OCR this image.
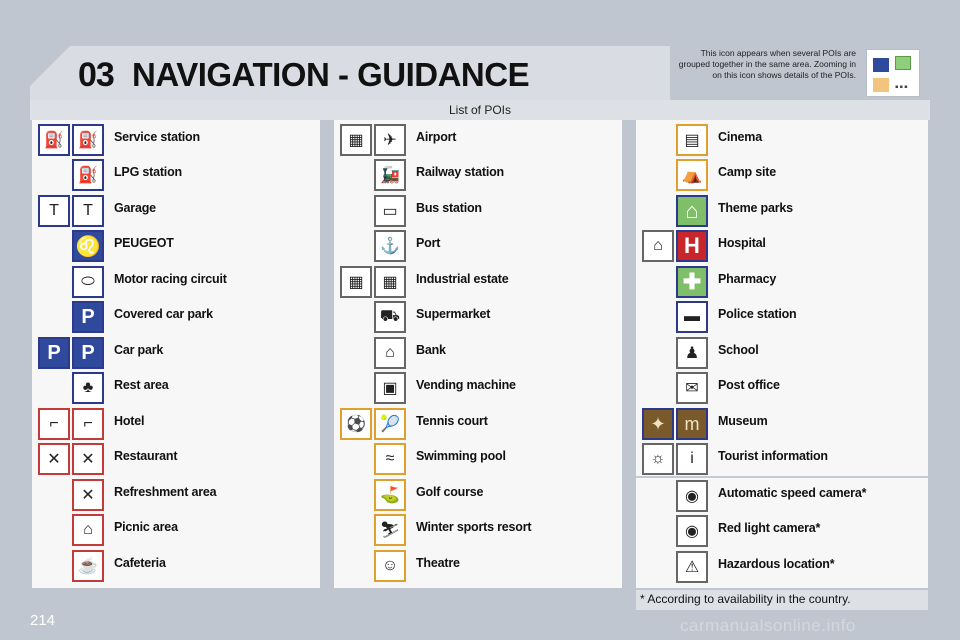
03 NAVIGATION - GUIDANCE
This icon appears when several POIs are grouped together in the same area. Zooming in on this icon shows details of the POIs.
▪▪▪
List of POIs
⛽ ⛽	Service station
⛽	LPG station
T	T	Garage
♌ PEUGEOT
⬭	Motor racing circuit
P	Covered car park
P	P	Car park
♣	Rest area
⌐	⌐	Hotel
✕	✕	Restaurant
✕	Refreshment area
⌂	Picnic area
☕	Cafeteria
▦	✈	Airport
🚂	Railway station
▭	Bus station
⚓	Port
▦	▦	Industrial estate
⛟	Supermarket
⌂	Bank
▣	Vending machine
⚽ 🎾	Tennis court
≈	Swimming pool
⛳	Golf course
⛷	Winter sports resort
☺	Theatre
▤	Cinema
⛺	Camp site
⌂	Theme parks
⌂ H	Hospital
✚	Pharmacy
▬	Police station
♟	School
✉	Post office
✦	m	Museum
☼	i	Tourist information
◉	Automatic speed camera*
◉	Red light camera*
⚠	Hazardous location*
* According to availability in the country.
214	carmanualsonline.info
